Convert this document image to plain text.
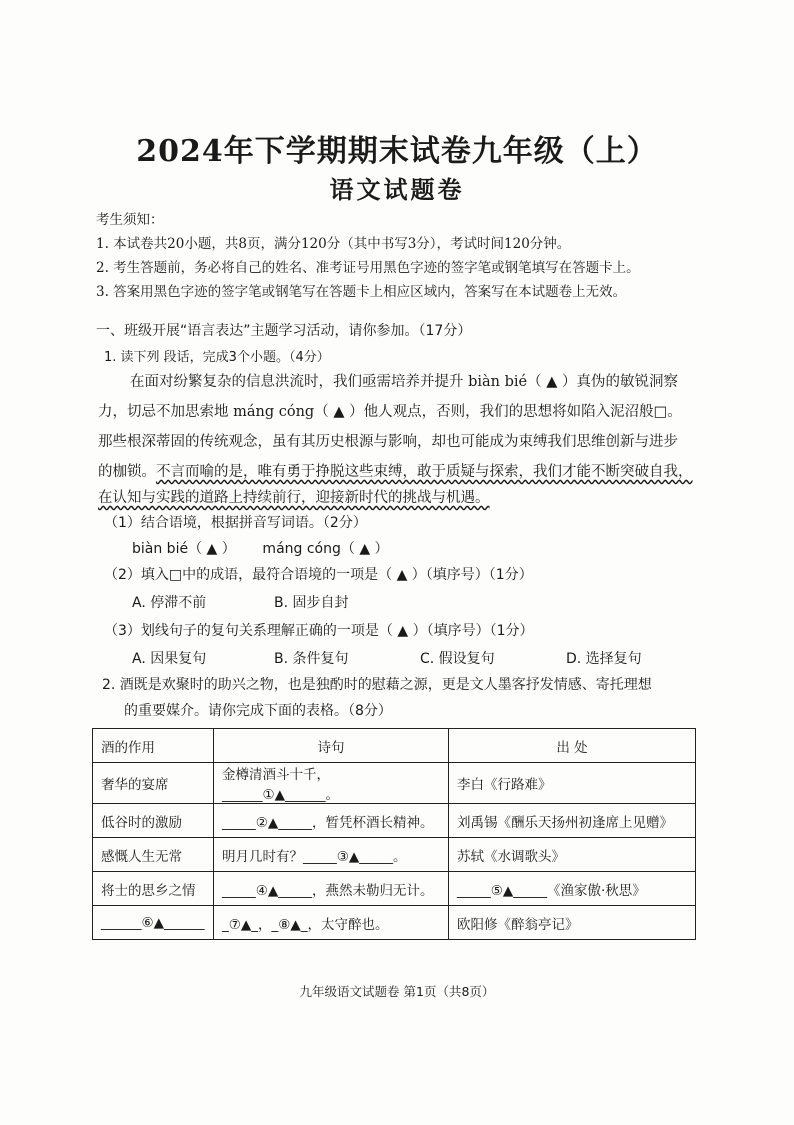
2024年下学期期末试卷九年级（上）
语文试题卷
考生须知：
1. 本试卷共20小题，共8页，满分120分（其中书写3分），考试时间120分钟。
2. 考生答题前，务必将自己的姓名、准考证号用黑色字迹的签字笔或钢笔填写在答题卡上。
3. 答案用黑色字迹的签字笔或钢笔写在答题卡上相应区域内，答案写在本试题卷上无效。
一、班级开展“语言表达”主题学习活动，请你参加。（17分）
1. 读下列 段话，完成3个小题。（4分）
在面对纷繁复杂的信息洪流时，我们亟需培养并提升 biàn bié（ ▲ ）真伪的敏锐洞察
力，切忌不加思索地 máng cóng（ ▲ ）他人观点，否则，我们的思想将如陷入泥沼般□。
那些根深蒂固的传统观念，虽有其历史根源与影响，却也可能成为束缚我们思维创新与进步
的枷锁。不言而喻的是，唯有勇于挣脱这些束缚，敢于质疑与探索，我们才能不断突破自我，
在认知与实践的道路上持续前行，迎接新时代的挑战与机遇。
（1）结合语境，根据拼音写词语。（2分）
biàn bié（ ▲ ）      máng cóng（ ▲ ）
（2）填入□中的成语，最符合语境的一项是（ ▲ ）（填序号）（1分）
A. 停滞不前	B. 固步自封
（3）划线句子的复句关系理解正确的一项是（ ▲ ）（填序号）（1分）
A. 因果复句	B. 条件复句	C. 假设复句	D. 选择复句
2. 酒既是欢聚时的助兴之物，也是独酌时的慰藉之源，更是文人墨客抒发情感、寄托理想
的重要媒介。请你完成下面的表格。（8分）
酒的作用	诗句	出 处
奢华的宴席	金樽清酒斗十千，______①▲______。	李白《行路难》
低谷时的激励	_____②▲_____，暂凭杯酒长精神。	刘禹锡《酬乐天扬州初逢席上见赠》
感慨人生无常	明月几时有？_____③▲_____。	苏轼《水调歌头》
将士的思乡之情	_____④▲_____，燕然未勒归无计。	_____⑤▲_____《渔家傲·秋思》
______⑥▲______	_⑦▲_，_⑧▲_，太守醉也。	欧阳修《醉翁亭记》
九年级语文试题卷 第1页（共8页）
